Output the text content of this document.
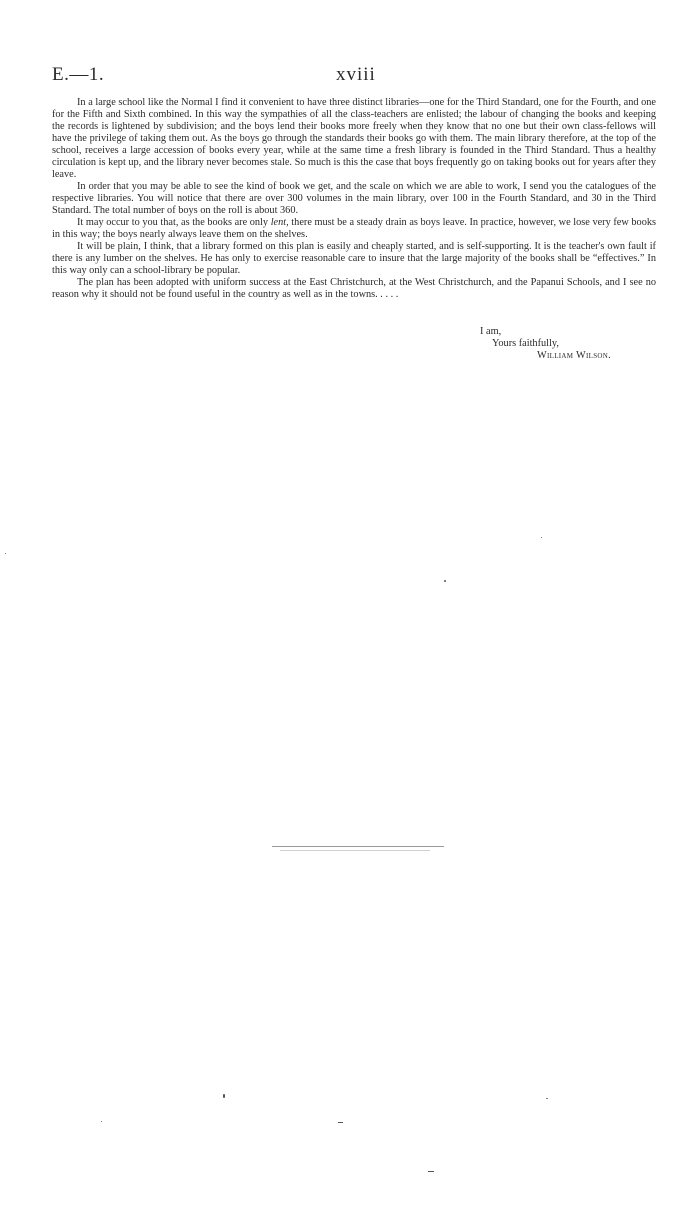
E.—1.	xviii

In a large school like the Normal I find it convenient to have three distinct libraries—one for the Third Standard, one for the Fourth, and one for the Fifth and Sixth combined. In this way the sympathies of all the class-teachers are enlisted; the labour of changing the books and keeping the records is lightened by subdivision; and the boys lend their books more freely when they know that no one but their own class-fellows will have the privilege of taking them out. As the boys go through the standards their books go with them. The main library therefore, at the top of the school, receives a large accession of books every year, while at the same time a fresh library is founded in the Third Standard. Thus a healthy circulation is kept up, and the library never becomes stale. So much is this the case that boys frequently go on taking books out for years after they leave.

In order that you may be able to see the kind of book we get, and the scale on which we are able to work, I send you the catalogues of the respective libraries. You will notice that there are over 300 volumes in the main library, over 100 in the Fourth Standard, and 30 in the Third Standard. The total number of boys on the roll is about 360.

It may occur to you that, as the books are only lent, there must be a steady drain as boys leave. In practice, however, we lose very few books in this way; the boys nearly always leave them on the shelves.

It will be plain, I think, that a library formed on this plan is easily and cheaply started, and is self-supporting. It is the teacher's own fault if there is any lumber on the shelves. He has only to exercise reasonable care to insure that the large majority of the books shall be “effectives.” In this way only can a school-library be popular.

The plan has been adopted with uniform success at the East Christchurch, at the West Christchurch, and the Papanui Schools, and I see no reason why it should not be found useful in the country as well as in the towns. . . . .

I am,
Yours faithfully,
William Wilson.
